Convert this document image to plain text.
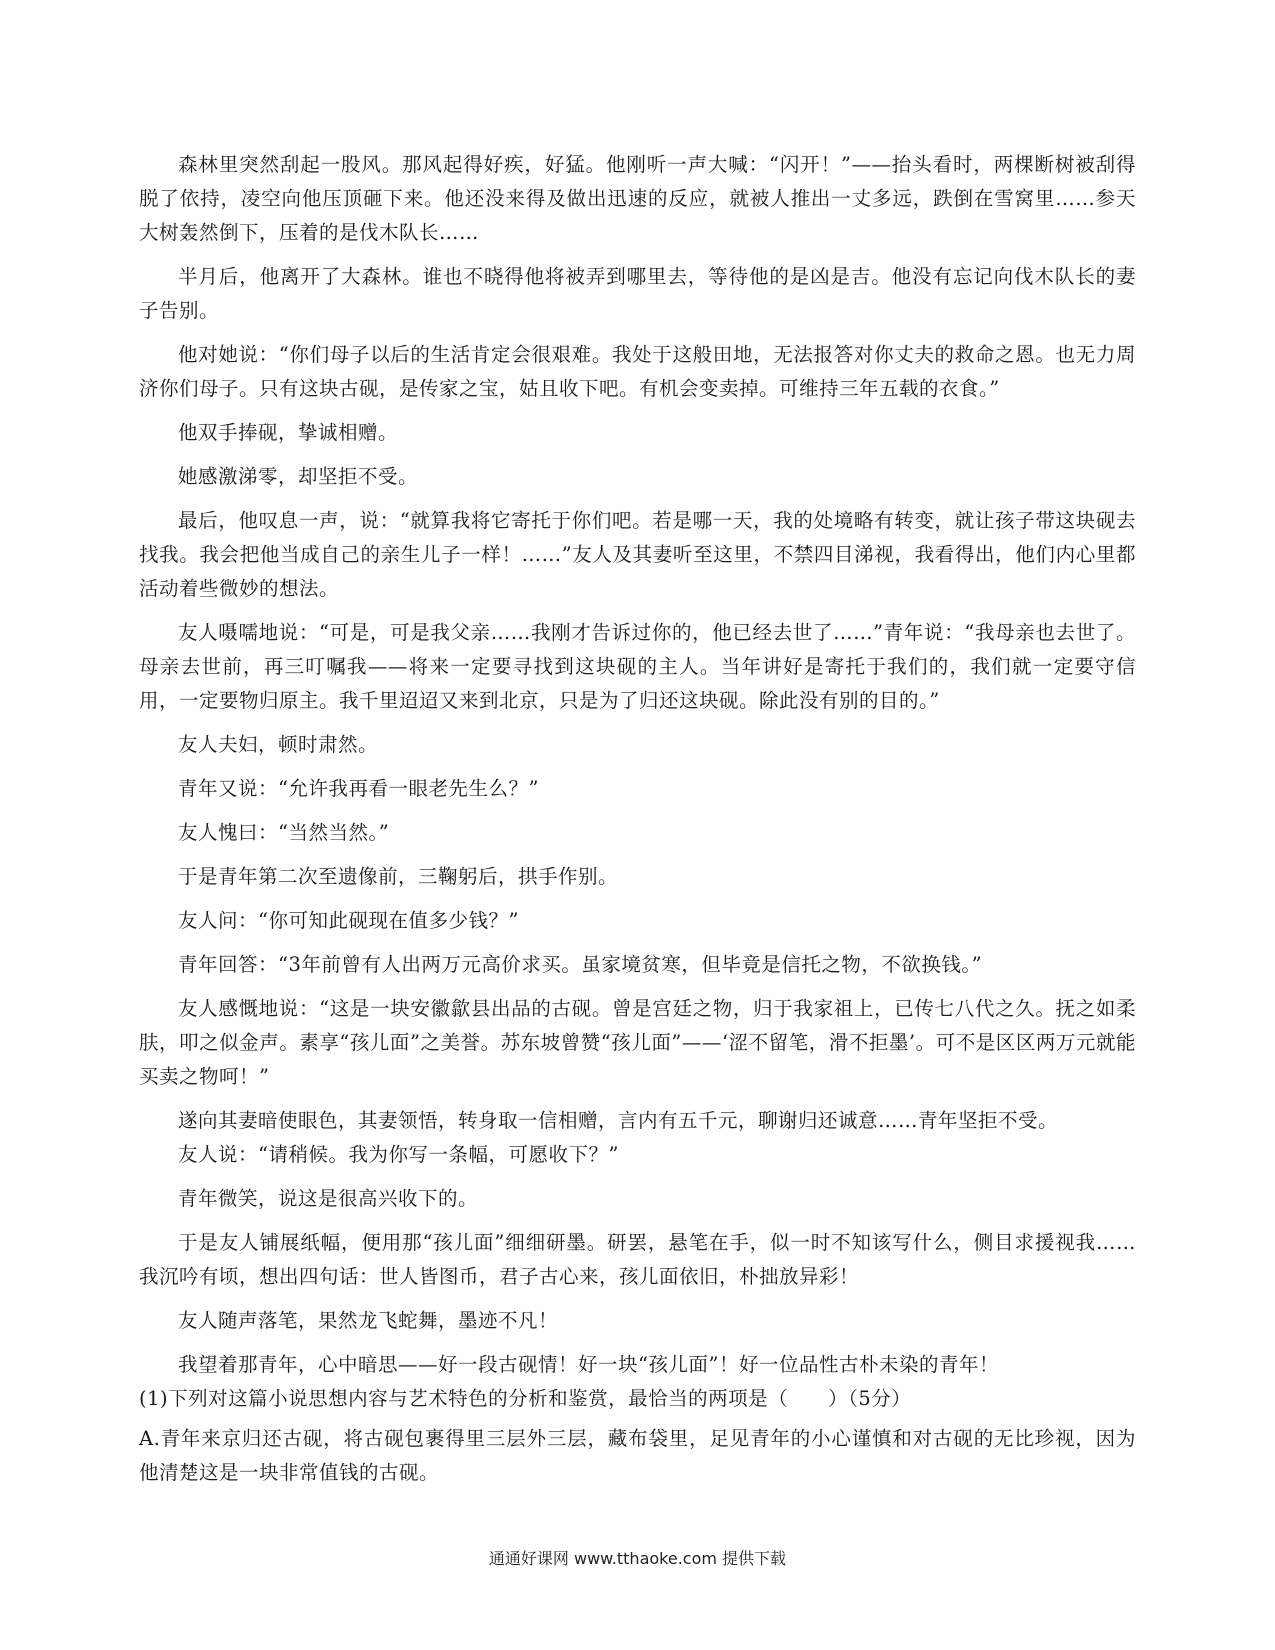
森林里突然刮起一股风。那风起得好疾，好猛。他刚听一声大喊：“闪开！”——抬头看时，两棵断树被刮得脱了依持，凌空向他压顶砸下来。他还没来得及做出迅速的反应，就被人推出一丈多远，跌倒在雪窝里……参天大树轰然倒下，压着的是伐木队长……

半月后，他离开了大森林。谁也不晓得他将被弄到哪里去，等待他的是凶是吉。他没有忘记向伐木队长的妻子告别。

他对她说：“你们母子以后的生活肯定会很艰难。我处于这般田地，无法报答对你丈夫的救命之恩。也无力周济你们母子。只有这块古砚，是传家之宝，姑且收下吧。有机会变卖掉。可维持三年五载的衣食。”

他双手捧砚，挚诚相赠。

她感激涕零，却坚拒不受。

最后，他叹息一声，说：“就算我将它寄托于你们吧。若是哪一天，我的处境略有转变，就让孩子带这块砚去找我。我会把他当成自己的亲生儿子一样！……”友人及其妻听至这里，不禁四目涕视，我看得出，他们内心里都活动着些微妙的想法。

友人嗫嚅地说：“可是，可是我父亲……我刚才告诉过你的，他已经去世了……”青年说：“我母亲也去世了。母亲去世前，再三叮嘱我——将来一定要寻找到这块砚的主人。当年讲好是寄托于我们的，我们就一定要守信用，一定要物归原主。我千里迢迢又来到北京，只是为了归还这块砚。除此没有别的目的。”

友人夫妇，顿时肃然。

青年又说：“允许我再看一眼老先生么？”

友人愧曰：“当然当然。”

于是青年第二次至遗像前，三鞠躬后，拱手作别。

友人问：“你可知此砚现在值多少钱？”

青年回答：“3年前曾有人出两万元高价求买。虽家境贫寒，但毕竟是信托之物，不欲换钱。”

友人感慨地说：“这是一块安徽歙县出品的古砚。曾是宫廷之物，归于我家祖上，已传七八代之久。抚之如柔肤，叩之似金声。素享“孩儿面”之美誉。苏东坡曾赞“孩儿面”——‘涩不留笔，滑不拒墨’。可不是区区两万元就能买卖之物呵！”

遂向其妻暗使眼色，其妻领悟，转身取一信相赠，言内有五千元，聊谢归还诚意……青年坚拒不受。

友人说：“请稍候。我为你写一条幅，可愿收下？”

青年微笑，说这是很高兴收下的。

于是友人铺展纸幅，便用那“孩儿面”细细研墨。研罢，悬笔在手，似一时不知该写什么，侧目求援视我……我沉吟有顷，想出四句话：世人皆图币，君子古心来，孩儿面依旧，朴拙放异彩！

友人随声落笔，果然龙飞蛇舞，墨迹不凡！

我望着那青年，心中暗思——好一段古砚情！好一块“孩儿面”！好一位品性古朴未染的青年！

(1)下列对这篇小说思想内容与艺术特色的分析和鉴赏，最恰当的两项是（　　）（5分）

A.青年来京归还古砚，将古砚包裹得里三层外三层，藏布袋里，足见青年的小心谨慎和对古砚的无比珍视，因为他清楚这是一块非常值钱的古砚。

通通好课网 www.tthaoke.com 提供下载
